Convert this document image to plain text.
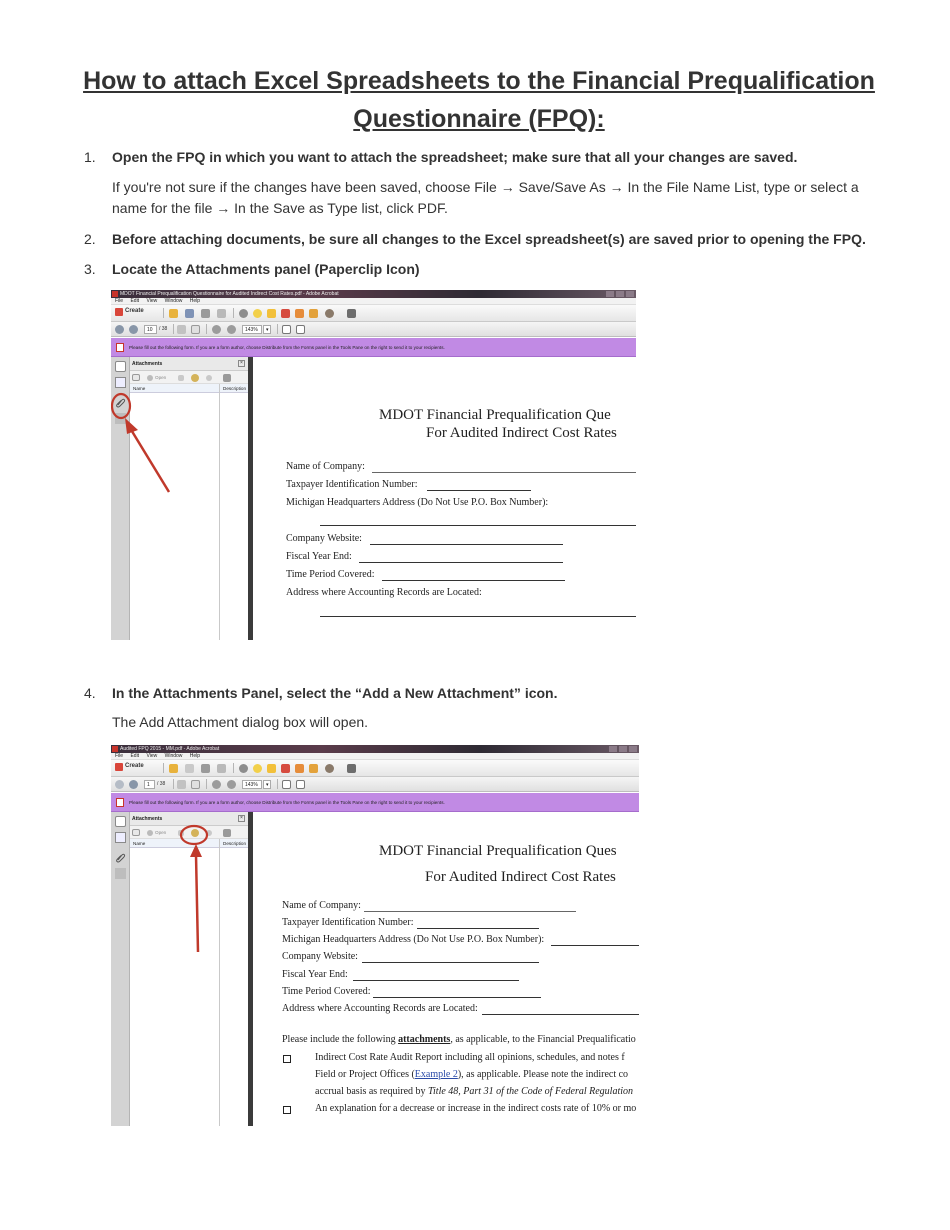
How to attach Excel Spreadsheets to the Financial Prequalification
Questionnaire (FPQ):
1. Open the FPQ in which you want to attach the spreadsheet; make sure that all your changes are saved.
If you're not sure if the changes have been saved, choose File → Save/Save As → In the File Name List, type or select a name for the file → In the Save as Type list, click PDF.
2. Before attaching documents, be sure all changes to the Excel spreadsheet(s) are saved prior to opening the FPQ.
3. Locate the Attachments panel (Paperclip Icon)
MDOT Financial Prequalification Questionnaire for Audited Indirect Cost Rates.pdf - Adobe Acrobat
File Edit View Window Help
Create
10	/ 38	143%	▾
Please fill out the following form. If you are a form author, choose Distribute from the Forms panel in the Tools Pane on the right to send it to your recipients.
Attachments	×
Open
Name	Description
MDOT Financial Prequalification Que
For Audited Indirect Cost Rates
Name of Company:
Taxpayer Identification Number:
Michigan Headquarters Address (Do Not Use P.O. Box Number):
Company Website:
Fiscal Year End:
Time Period Covered:
Address where Accounting Records are Located:
4. In the Attachments Panel, select the “Add a New Attachment” icon.
The Add Attachment dialog box will open.
Audited FPQ 2015 - MM.pdf - Adobe Acrobat
File Edit View Window Help
Create
1	/ 38	143%	▾
Please fill out the following form. If you are a form author, choose Distribute from the Forms panel in the Tools Pane on the right to send it to your recipients.
Attachments	×
Open
Name	Description	MDOT Financial Prequalification Ques
For Audited Indirect Cost Rates
Name of Company:
Taxpayer Identification Number:
Michigan Headquarters Address (Do Not Use P.O. Box Number):
Company Website:
Fiscal Year End:
Time Period Covered:
Address where Accounting Records are Located:
Please include the following attachments, as applicable, to the Financial Prequalificatio
Indirect Cost Rate Audit Report including all opinions, schedules, and notes f
Field or Project Offices (Example 2), as applicable. Please note the indirect co
accrual basis as required by Title 48, Part 31 of the Code of Federal Regulation
An explanation for a decrease or increase in the indirect costs rate of 10% or mo
